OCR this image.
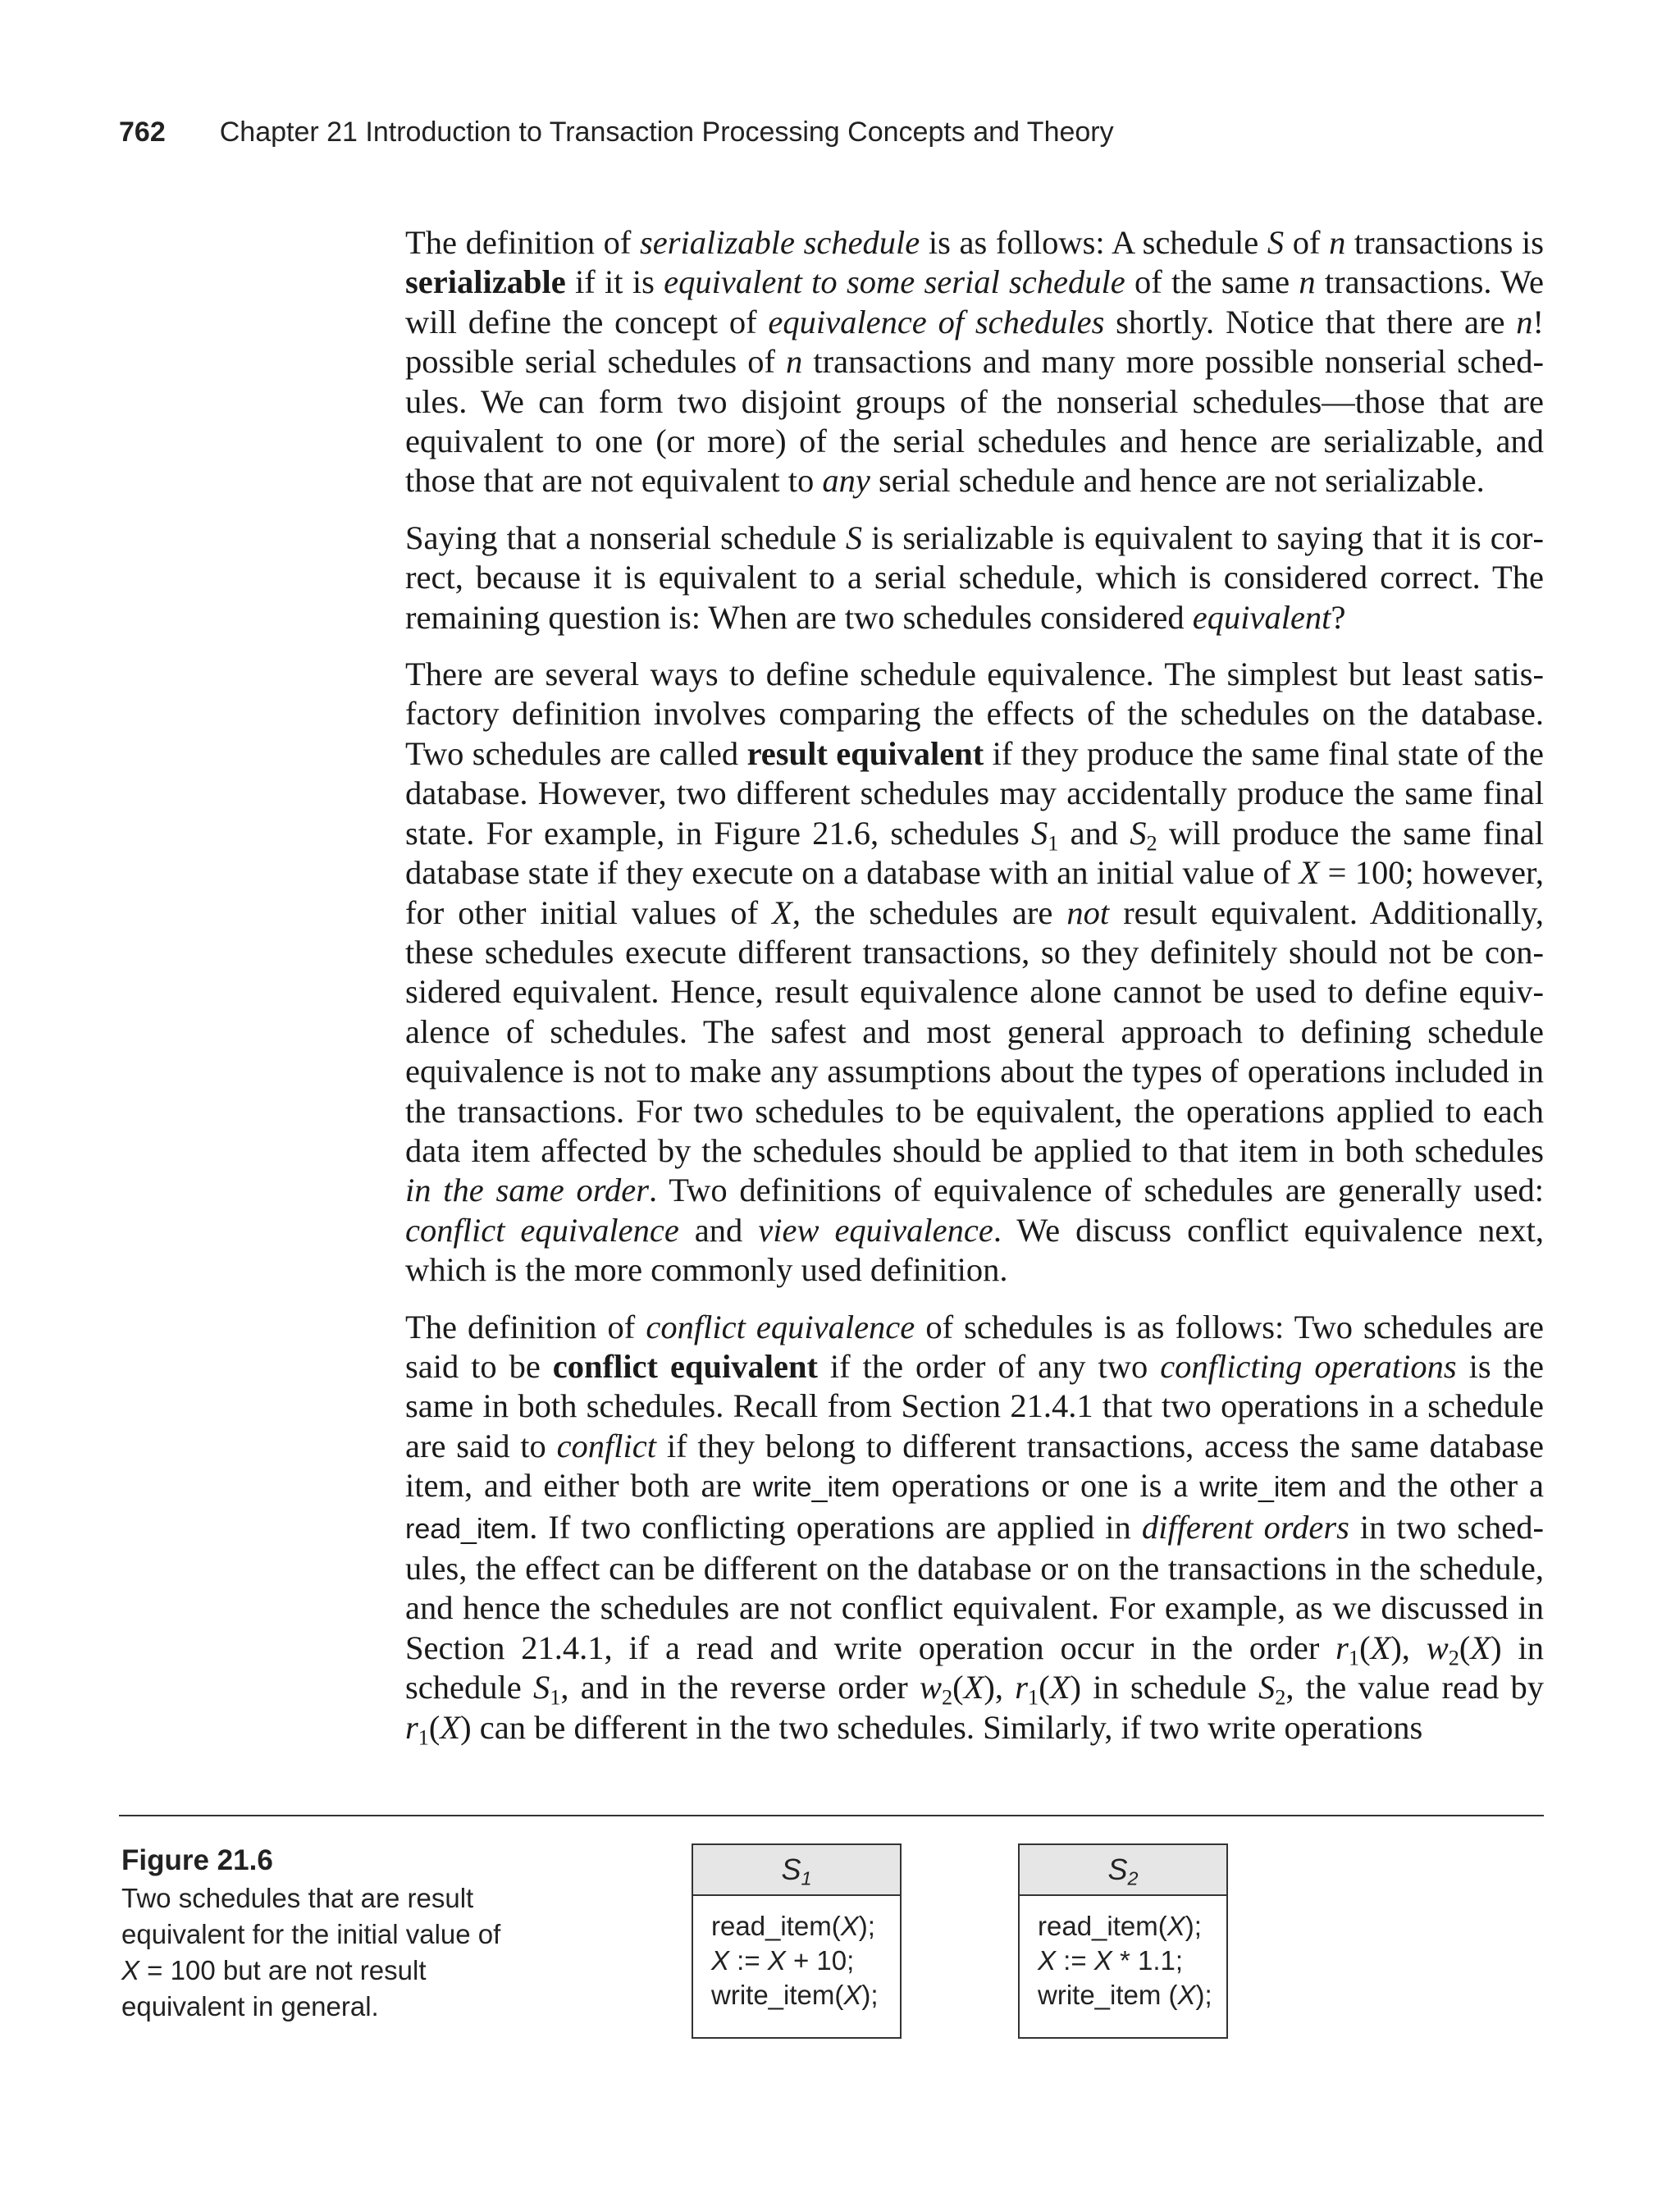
762 Chapter 21 Introduction to Transaction Processing Concepts and Theory

The definition of serializable schedule is as follows: A schedule S of n transactions is serializable if it is equivalent to some serial schedule of the same n transactions. We will define the concept of equivalence of schedules shortly. Notice that there are n! possible serial schedules of n transactions and many more possible nonserial schedules. We can form two disjoint groups of the nonserial schedules—those that are equivalent to one (or more) of the serial schedules and hence are serializable, and those that are not equivalent to any serial schedule and hence are not serializable.

Saying that a nonserial schedule S is serializable is equivalent to saying that it is correct, because it is equivalent to a serial schedule, which is considered correct. The remaining question is: When are two schedules considered equivalent?

There are several ways to define schedule equivalence. The simplest but least satisfactory definition involves comparing the effects of the schedules on the database. Two schedules are called result equivalent if they produce the same final state of the database. However, two different schedules may accidentally produce the same final state. For example, in Figure 21.6, schedules $S_1$ and $S_2$ will produce the same final database state if they execute on a database with an initial value of X = 100; however, for other initial values of X, the schedules are not result equivalent. Additionally, these schedules execute different transactions, so they definitely should not be considered equivalent. Hence, result equivalence alone cannot be used to define equivalence of schedules. The safest and most general approach to defining schedule equivalence is not to make any assumptions about the types of operations included in the transactions. For two schedules to be equivalent, the operations applied to each data item affected by the schedules should be applied to that item in both schedules in the same order. Two definitions of equivalence of schedules are generally used: conflict equivalence and view equivalence. We discuss conflict equivalence next, which is the more commonly used definition.

The definition of conflict equivalence of schedules is as follows: Two schedules are said to be conflict equivalent if the order of any two conflicting operations is the same in both schedules. Recall from Section 21.4.1 that two operations in a schedule are said to conflict if they belong to different transactions, access the same database item, and either both are write_item operations or one is a write_item and the other a read_item. If two conflicting operations are applied in different orders in two schedules, the effect can be different on the database or on the transactions in the schedule, and hence the schedules are not conflict equivalent. For example, as we discussed in Section 21.4.1, if a read and write operation occur in the order $r_1(X)$, $w_2(X)$ in schedule $S_1$, and in the reverse order $w_2(X)$, $r_1(X)$ in schedule $S_2$, the value read by $r_1(X)$ can be different in the two schedules. Similarly, if two write operations

Figure 21.6
Two schedules that are result equivalent for the initial value of X = 100 but are not result equivalent in general.
$S_1$
read_item(X);
X := X + 10;
write_item(X);
$S_2$
read_item(X);
X := X * 1.1;
write_item (X);
